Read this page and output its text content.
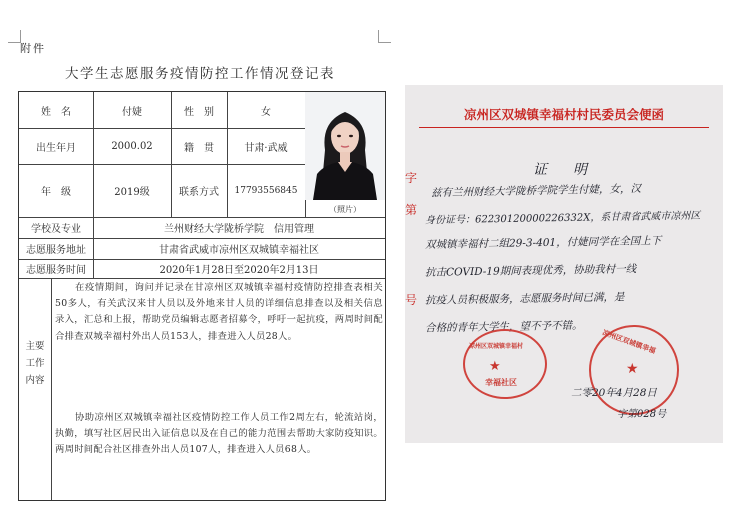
附件
大学生志愿服务疫情防控工作情况登记表
姓　名	付婕	性　别	女
出生年月	2000.02	籍　贯	甘肃·武威
年　级	2019级	联系方式	17793556845
（照片）
学校及专业	兰州财经大学陇桥学院　信用管理
志愿服务地址	甘肃省武威市凉州区双城镇幸福社区
志愿服务时间	2020年1月28日至2020年2月13日
主要工作内容
在疫情期间，询问并记录在甘凉州区双城镇幸福村疫情防控排查表相关50多人，有关武汉来甘人员以及外地来甘人员的详细信息排查以及相关信息录入，汇总和上报，帮助党员编辑志愿者招募令，呼吁一起抗疫，两周时间配合排查双城幸福村外出人员153人，排查进入人员28人。
协助凉州区双城镇幸福社区疫情防控工作人员工作2周左右，轮流站岗，执勤，填写社区居民出入证信息以及在自己的能力范围去帮助大家防疫知识。两周时间配合社区排查外出人员107人，排查进入人员68人。
凉州区双城镇幸福村村民委员会便函
字
第
号
证　明
兹有兰州财经大学陇桥学院学生付婕，女，汉
身份证号：62230120000226332X，系甘肃省武威市凉州区
双城镇幸福村二组29-3-401，付婕同学在全国上下
抗击COVID-19期间表现优秀，协助我村一线
抗疫人员积极服务，志愿服务时间已满，是
合格的青年大学生，望不予不错。
凉州区双城镇幸福村
★
幸福社区
凉州区双城镇幸福
★
二零20年4月28日
字第028号
